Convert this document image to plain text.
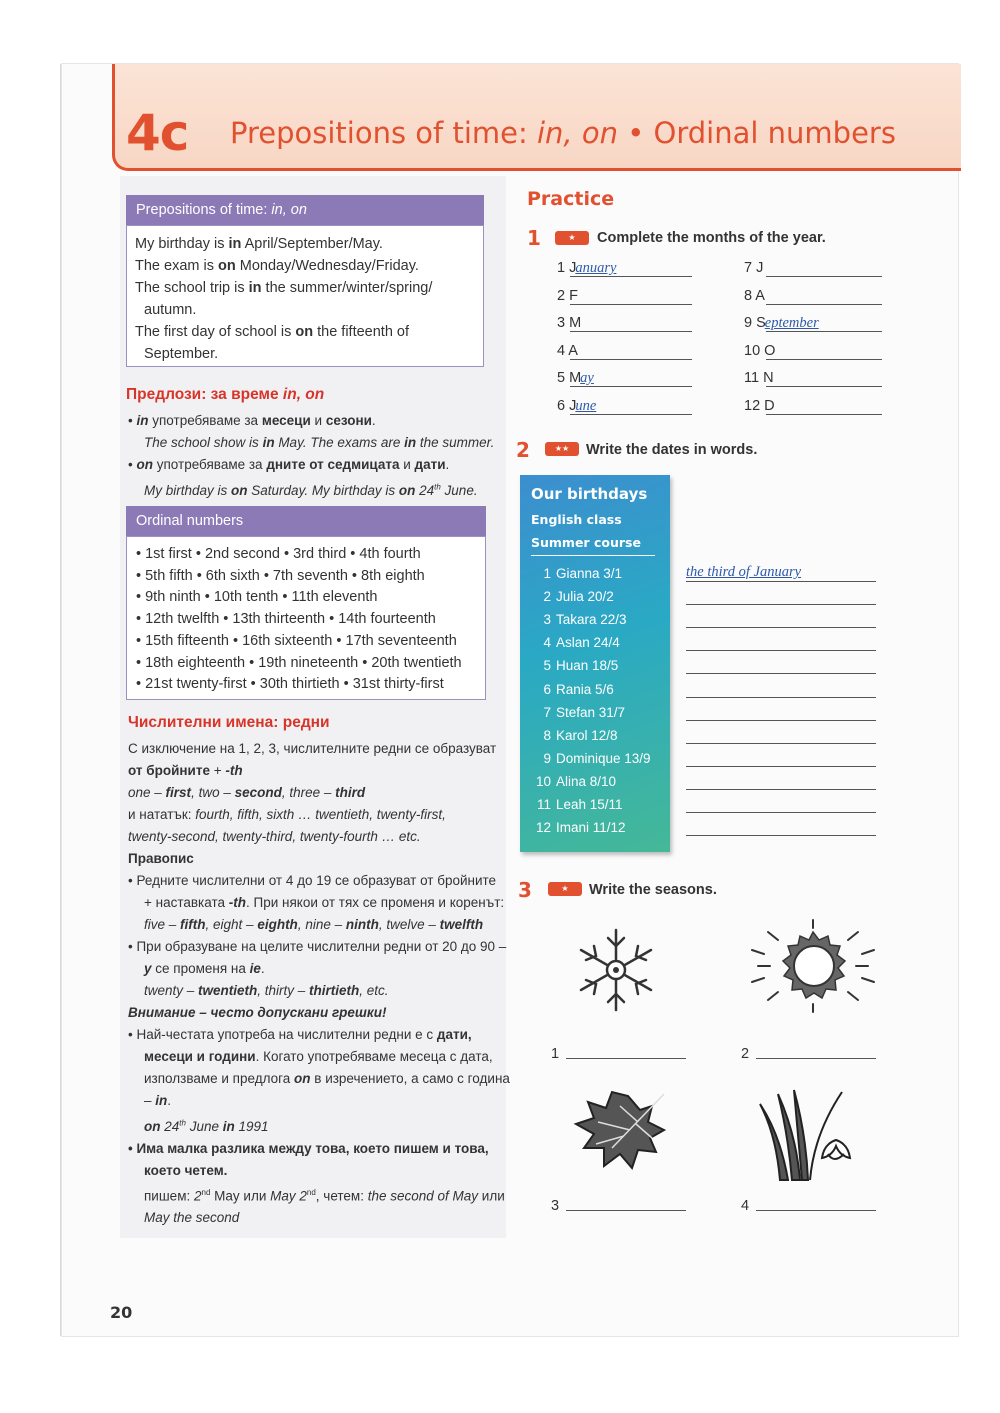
4c Prepositions of time: in, on • Ordinal numbers
Prepositions of time: in, on
My birthday is in April/September/May.
The exam is on Monday/Wednesday/Friday.
The school trip is in the summer/winter/spring/
autumn.
The first day of school is on the fifteenth of
September.
Предлози: за време in, on

• in употребяваме за месеци и сезони.

The school show is in May. The exams are in the summer.

• on употребяваме за дните от седмицата и дати.

My birthday is on Saturday. My birthday is on 24th June.

Ordinal numbers
• 1st first • 2nd second • 3rd third • 4th fourth
• 5th fifth • 6th sixth • 7th seventh • 8th eighth
• 9th ninth • 10th tenth • 11th eleventh
• 12th twelfth • 13th thirteenth • 14th fourteenth
• 15th fifteenth • 16th sixteenth • 17th seventeenth
• 18th eighteenth • 19th nineteenth • 20th twentieth
• 21st twenty-first • 30th thirtieth • 31st thirty-first
Числителни имена: редни

С изключение на 1, 2, 3, числителните редни се образуват

от бройните + -th

one – first, two – second, three – third

и нататък: fourth, fifth, sixth … twentieth, twenty-first,

twenty-second, twenty-third, twenty-fourth … etc.

Правопис

• Редните числителни от 4 до 19 се образуват от бройните

+ наставката -th. При някои от тях се променя и коренът:

five – fifth, eight – eighth, nine – ninth, twelve – twelfth

• При образуване на целите числителни редни от 20 до 90 –

y се променя на ie.

twenty – twentieth, thirty – thirtieth, etc.

Внимание – често допускани грешки!

• Най-честата употреба на числителни редни е с дати,

месеци и години. Когато употребяваме месеца с дата,

използваме и предлога on в изречението, а само с година

– in.

on 24th June in 1991

• Има малка разлика между това, което пишем и това,

което четем.

пишем: 2nd May или May 2nd, четем: the second of May или

May the second

Practice
1	★	Complete the months of the year.
1 J anuary
2 F
3 M
4 A
5 M ay
6 J une
7 J
8 A
9 S eptember
10 O
11 N
12 D
2	★★	Write the dates in words.
Our birthdays
English class
Summer course
1 Gianna 3/1
2 Julia 20/2
3 Takara 22/3
4 Aslan 24/4
5 Huan 18/5
6 Rania 5/6
7 Stefan 31/7
8 Karol 12/8
9 Dominique 13/9
10 Alina 8/10
11 Leah 15/11
12 Imani 11/12
the third of January
3	★	Write the seasons.
1	2
3	4
20
